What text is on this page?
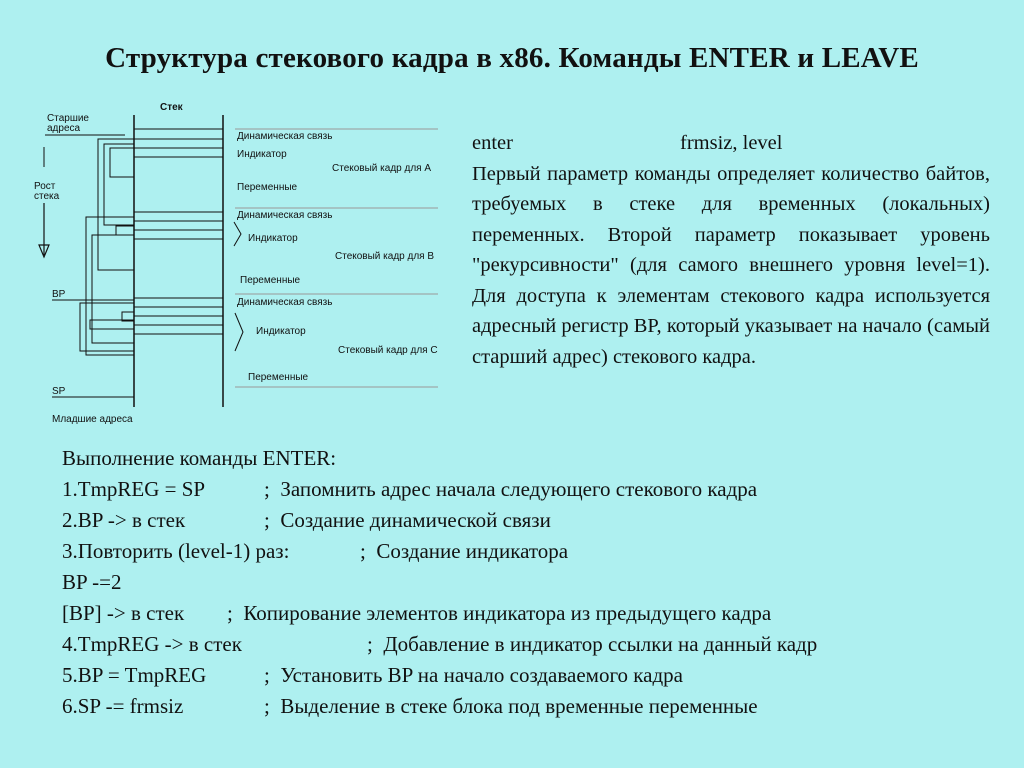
Структура стекового кадра в x86. Команды ENTER и LEAVE
Стек
Старшие
адреса
Рост
стека
Динамическая связь
Индикатор
Стековый кадр для А
Переменные
Динамическая связь
Индикатор
Стековый кадр для В
Переменные
Динамическая связь
Индикатор
Стековый кадр для С
Переменные
BP
SP
Младшие адреса
enter	frmsiz, level
Первый параметр команды определяет количество байтов, требуемых в стеке для временных (локальных) переменных. Второй параметр показывает уровень "рекурсивности" (для самого внешнего уровня level=1). Для доступа к элементам стекового кадра используется адресный регистр BP, который указывает на начало (самый старший адрес) стекового кадра.
Выполнение команды ENTER:
1.TmpREG = SP	;  Запомнить адрес начала следующего стекового кадра
2.BP -> в стек	;  Создание динамической связи
3.Повторить (level-1) раз:	;  Создание индикатора
BP -=2
[BP] -> в стек	;  Копирование элементов индикатора из предыдущего кадра
4.TmpREG -> в стек	;  Добавление в индикатор ссылки на данный кадр
5.BP = TmpREG	;  Установить BP на начало создаваемого кадра
6.SP -= frmsiz	;  Выделение в стеке блока под временные переменные
